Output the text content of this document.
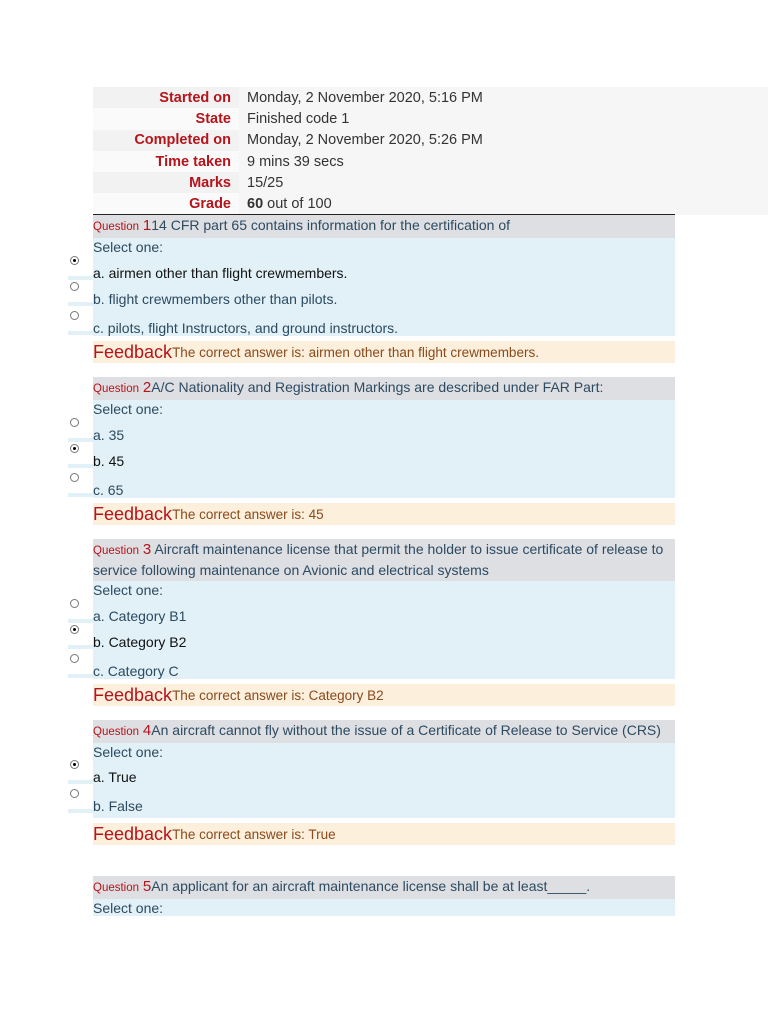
Started on	Monday, 2 November 2020, 5:16 PM
State	Finished code 1
Completed on	Monday, 2 November 2020, 5:26 PM
Time taken	9 mins 39 secs
Marks	15/25
Grade	60 out of 100
Question 114 CFR part 65 contains information for the certification of
Select one:
a. airmen other than flight crewmembers.
b. flight crewmembers other than pilots.
c. pilots, flight Instructors, and ground instructors.
Feedback The correct answer is: airmen other than flight crewmembers.
Question 2A/C Nationality and Registration Markings are described under FAR Part:
Select one:
a. 35
b. 45
c. 65
Feedback The correct answer is: 45
Question 3 Aircraft maintenance license that permit the holder to issue certificate of release to service following maintenance on Avionic and electrical systems
Select one:
a. Category B1
b. Category B2
c. Category C
Feedback The correct answer is: Category B2
Question 4An aircraft cannot fly without the issue of a Certificate of Release to Service (CRS)
Select one:
a. True
b. False
Feedback The correct answer is: True
Question 5An applicant for an aircraft maintenance license shall be at least_____.
Select one:
